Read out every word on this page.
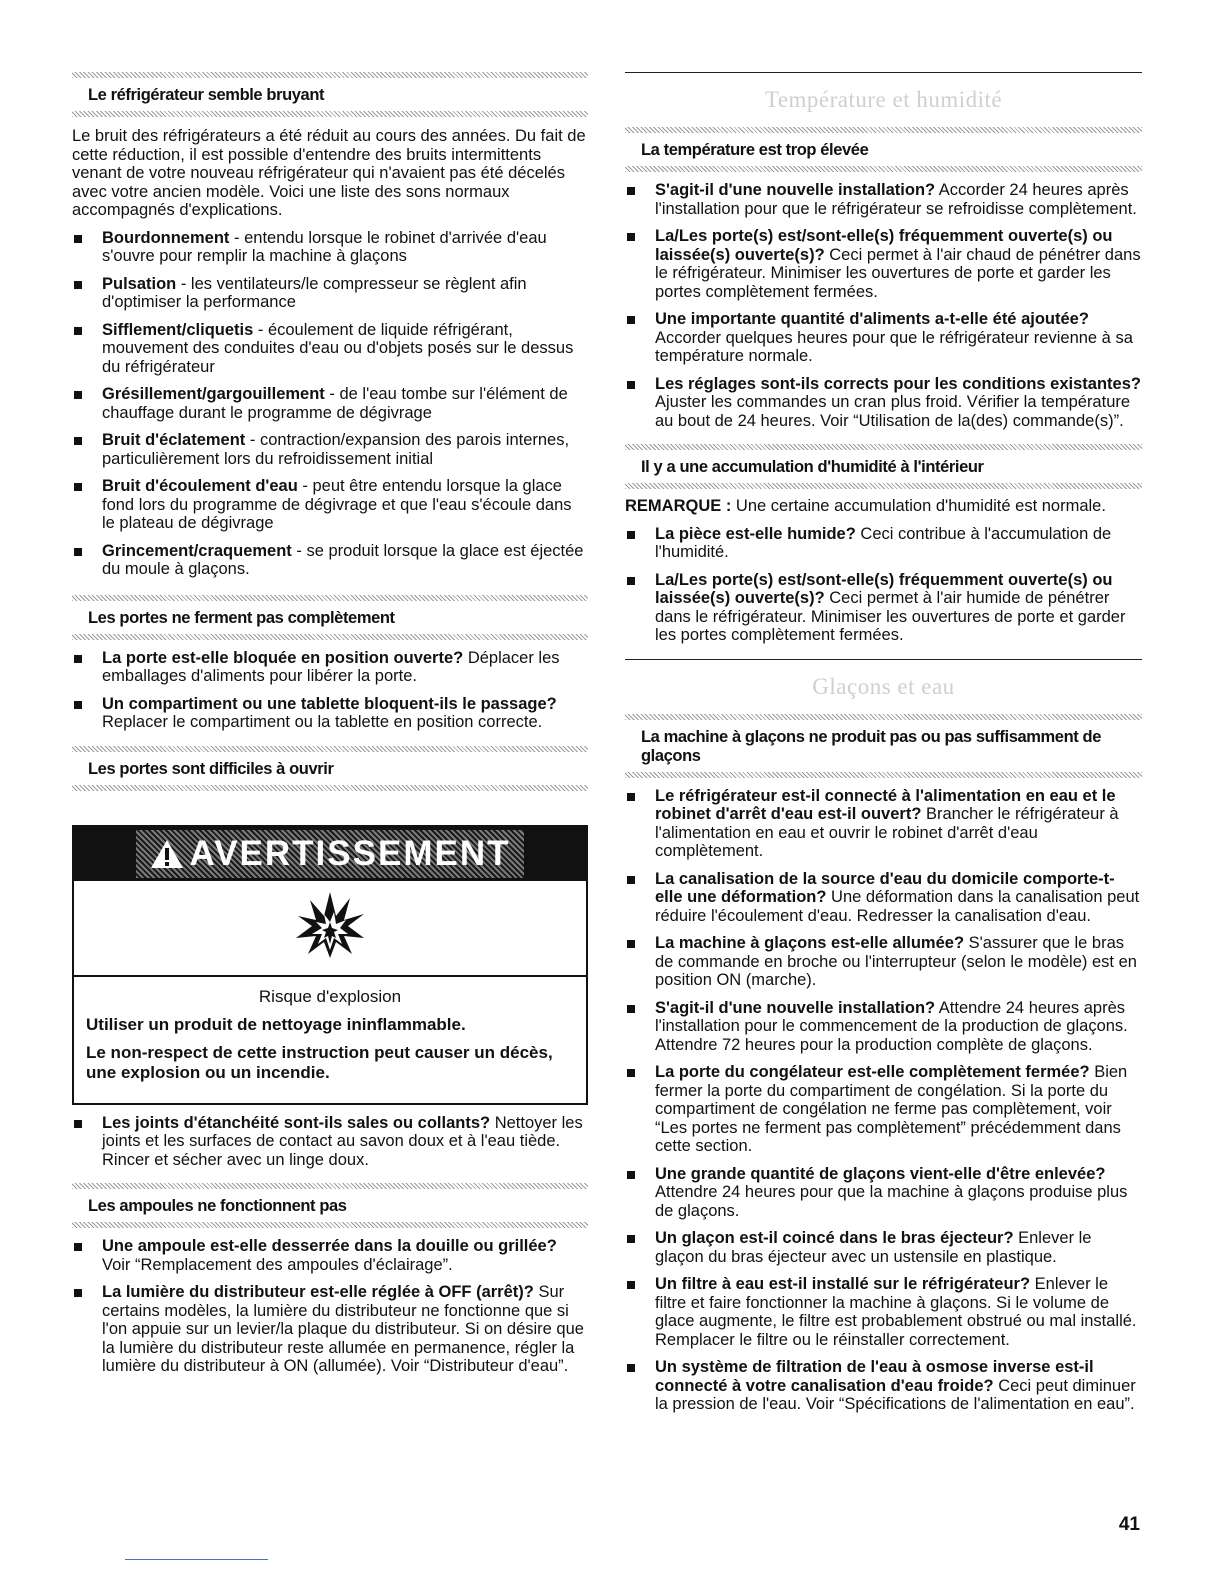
Le réfrigérateur semble bruyant
Le bruit des réfrigérateurs a été réduit au cours des années. Du fait de cette réduction, il est possible d'entendre des bruits intermittents venant de votre nouveau réfrigérateur qui n'avaient pas été décelés avec votre ancien modèle. Voici une liste des sons normaux accompagnés d'explications.
Bourdonnement - entendu lorsque le robinet d'arrivée d'eau s'ouvre pour remplir la machine à glaçons
Pulsation - les ventilateurs/le compresseur se règlent afin d'optimiser la performance
Sifflement/cliquetis - écoulement de liquide réfrigérant, mouvement des conduites d'eau ou d'objets posés sur le dessus du réfrigérateur
Grésillement/gargouillement - de l'eau tombe sur l'élément de chauffage durant le programme de dégivrage
Bruit d'éclatement - contraction/expansion des parois internes, particulièrement lors du refroidissement initial
Bruit d'écoulement d'eau - peut être entendu lorsque la glace fond lors du programme de dégivrage et que l'eau s'écoule dans le plateau de dégivrage
Grincement/craquement - se produit lorsque la glace est éjectée du moule à glaçons.
Les portes ne ferment pas complètement
La porte est-elle bloquée en position ouverte? Déplacer les emballages d'aliments pour libérer la porte.
Un compartiment ou une tablette bloquent-ils le passage? Replacer le compartiment ou la tablette en position correcte.
Les portes sont difficiles à ouvrir
AVERTISSEMENT
Risque d'explosion
Utiliser un produit de nettoyage ininflammable.
Le non-respect de cette instruction peut causer un décès, une explosion ou un incendie.
Les joints d'étanchéité sont-ils sales ou collants? Nettoyer les joints et les surfaces de contact au savon doux et à l'eau tiède. Rincer et sécher avec un linge doux.
Les ampoules ne fonctionnent pas
Une ampoule est-elle desserrée dans la douille ou grillée? Voir “Remplacement des ampoules d'éclairage”.
La lumière du distributeur est-elle réglée à OFF (arrêt)? Sur certains modèles, la lumière du distributeur ne fonctionne que si l'on appuie sur un levier/la plaque du distributeur. Si on désire que la lumière du distributeur reste allumée en permanence, régler la lumière du distributeur à ON (allumée). Voir “Distributeur d'eau”.
Température et humidité
La température est trop élevée
S'agit-il d'une nouvelle installation? Accorder 24 heures après l'installation pour que le réfrigérateur se refroidisse complètement.
La/Les porte(s) est/sont-elle(s) fréquemment ouverte(s) ou laissée(s) ouverte(s)? Ceci permet à l'air chaud de pénétrer dans le réfrigérateur. Minimiser les ouvertures de porte et garder les portes complètement fermées.
Une importante quantité d'aliments a-t-elle été ajoutée? Accorder quelques heures pour que le réfrigérateur revienne à sa température normale.
Les réglages sont-ils corrects pour les conditions existantes? Ajuster les commandes un cran plus froid. Vérifier la température au bout de 24 heures. Voir “Utilisation de la(des) commande(s)”.
Il y a une accumulation d'humidité à l'intérieur
REMARQUE : Une certaine accumulation d'humidité est normale.
La pièce est-elle humide? Ceci contribue à l'accumulation de l'humidité.
La/Les porte(s) est/sont-elle(s) fréquemment ouverte(s) ou laissée(s) ouverte(s)? Ceci permet à l'air humide de pénétrer dans le réfrigérateur. Minimiser les ouvertures de porte et garder les portes complètement fermées.
Glaçons et eau
La machine à glaçons ne produit pas ou pas suffisamment de glaçons
Le réfrigérateur est-il connecté à l'alimentation en eau et le robinet d'arrêt d'eau est-il ouvert? Brancher le réfrigérateur à l'alimentation en eau et ouvrir le robinet d'arrêt d'eau complètement.
La canalisation de la source d'eau du domicile comporte-t-elle une déformation? Une déformation dans la canalisation peut réduire l'écoulement d'eau. Redresser la canalisation d'eau.
La machine à glaçons est-elle allumée? S'assurer que le bras de commande en broche ou l'interrupteur (selon le modèle) est en position ON (marche).
S'agit-il d'une nouvelle installation? Attendre 24 heures après l'installation pour le commencement de la production de glaçons. Attendre 72 heures pour la production complète de glaçons.
La porte du congélateur est-elle complètement fermée? Bien fermer la porte du compartiment de congélation. Si la porte du compartiment de congélation ne ferme pas complètement, voir “Les portes ne ferment pas complètement” précédemment dans cette section.
Une grande quantité de glaçons vient-elle d'être enlevée? Attendre 24 heures pour que la machine à glaçons produise plus de glaçons.
Un glaçon est-il coincé dans le bras éjecteur? Enlever le glaçon du bras éjecteur avec un ustensile en plastique.
Un filtre à eau est-il installé sur le réfrigérateur? Enlever le filtre et faire fonctionner la machine à glaçons. Si le volume de glace augmente, le filtre est probablement obstrué ou mal installé. Remplacer le filtre ou le réinstaller correctement.
Un système de filtration de l'eau à osmose inverse est-il connecté à votre canalisation d'eau froide? Ceci peut diminuer la pression de l'eau. Voir “Spécifications de l'alimentation en eau”.
41
